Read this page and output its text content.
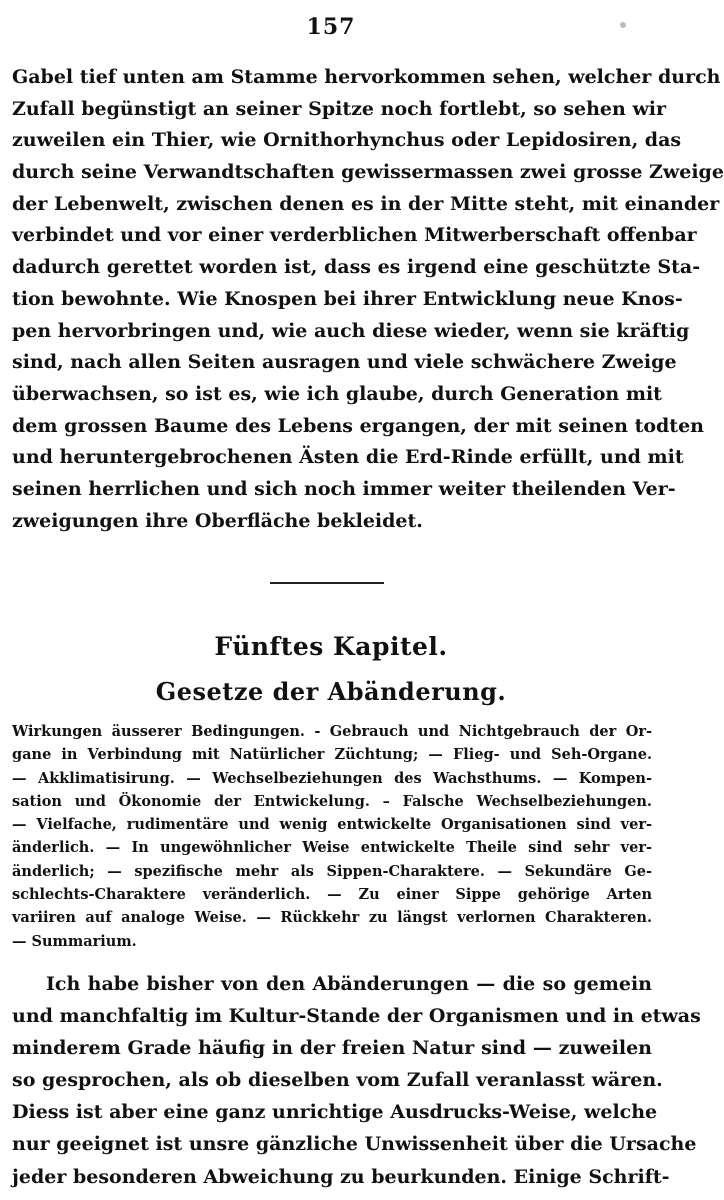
157
Gabel tief unten am Stamme hervorkommen sehen, welcher durch
Zufall begünstigt an seiner Spitze noch fortlebt, so sehen wir
zuweilen ein Thier, wie Ornithorhynchus oder Lepidosiren, das
durch seine Verwandtschaften gewissermassen zwei grosse Zweige
der Lebenwelt, zwischen denen es in der Mitte steht, mit einander
verbindet und vor einer verderblichen Mitwerberschaft offenbar
dadurch gerettet worden ist, dass es irgend eine geschützte Sta-
tion bewohnte. Wie Knospen bei ihrer Entwicklung neue Knos-
pen hervorbringen und, wie auch diese wieder, wenn sie kräftig
sind, nach allen Seiten ausragen und viele schwächere Zweige
überwachsen, so ist es, wie ich glaube, durch Generation mit
dem grossen Baume des Lebens ergangen, der mit seinen todten
und heruntergebrochenen Ästen die Erd-Rinde erfüllt, und mit
seinen herrlichen und sich noch immer weiter theilenden Ver-
zweigungen ihre Oberfläche bekleidet.
Fünftes Kapitel.
Gesetze der Abänderung.
Wirkungen äusserer Bedingungen. - Gebrauch und Nichtgebrauch der Or-
gane in Verbindung mit Natürlicher Züchtung; — Flieg- und Seh-Organe.
— Akklimatisirung. — Wechselbeziehungen des Wachsthums. — Kompen-
sation und Ökonomie der Entwickelung. – Falsche Wechselbeziehungen.
— Vielfache, rudimentäre und wenig entwickelte Organisationen sind ver-
änderlich. — In ungewöhnlicher Weise entwickelte Theile sind sehr ver-
änderlich; — spezifische mehr als Sippen-Charaktere. — Sekundäre Ge-
schlechts-Charaktere veränderlich. — Zu einer Sippe gehörige Arten
variiren auf analoge Weise. — Rückkehr zu längst verlornen Charakteren.
— Summarium.
Ich habe bisher von den Abänderungen — die so gemein
und manchfaltig im Kultur-Stande der Organismen und in etwas
minderem Grade häufig in der freien Natur sind — zuweilen
so gesprochen, als ob dieselben vom Zufall veranlasst wären.
Diess ist aber eine ganz unrichtige Ausdrucks-Weise, welche
nur geeignet ist unsre gänzliche Unwissenheit über die Ursache
jeder besonderen Abweichung zu beurkunden. Einige Schrift-
